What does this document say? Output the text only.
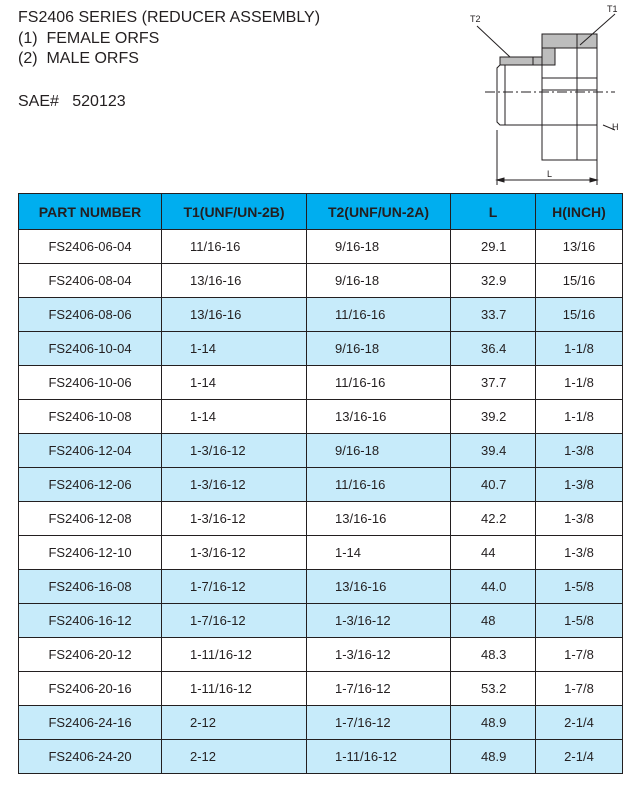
FS2406 SERIES (REDUCER ASSEMBLY)
(1)  FEMALE ORFS
(2)  MALE ORFS
SAE#   520123
T2
T1
H
L
PART NUMBER	T1(UNF/UN-2B)	T2(UNF/UN-2A)	L	H(INCH)
FS2406-06-04	11/16-16	9/16-18	29.1	13/16
FS2406-08-04	13/16-16	9/16-18	32.9	15/16
FS2406-08-06	13/16-16	11/16-16	33.7	15/16
FS2406-10-04	1-14	9/16-18	36.4	1-1/8
FS2406-10-06	1-14	11/16-16	37.7	1-1/8
FS2406-10-08	1-14	13/16-16	39.2	1-1/8
FS2406-12-04	1-3/16-12	9/16-18	39.4	1-3/8
FS2406-12-06	1-3/16-12	11/16-16	40.7	1-3/8
FS2406-12-08	1-3/16-12	13/16-16	42.2	1-3/8
FS2406-12-10	1-3/16-12	1-14	44	1-3/8
FS2406-16-08	1-7/16-12	13/16-16	44.0	1-5/8
FS2406-16-12	1-7/16-12	1-3/16-12	48	1-5/8
FS2406-20-12	1-11/16-12	1-3/16-12	48.3	1-7/8
FS2406-20-16	1-11/16-12	1-7/16-12	53.2	1-7/8
FS2406-24-16	2-12	1-7/16-12	48.9	2-1/4
FS2406-24-20	2-12	1-11/16-12	48.9	2-1/4
